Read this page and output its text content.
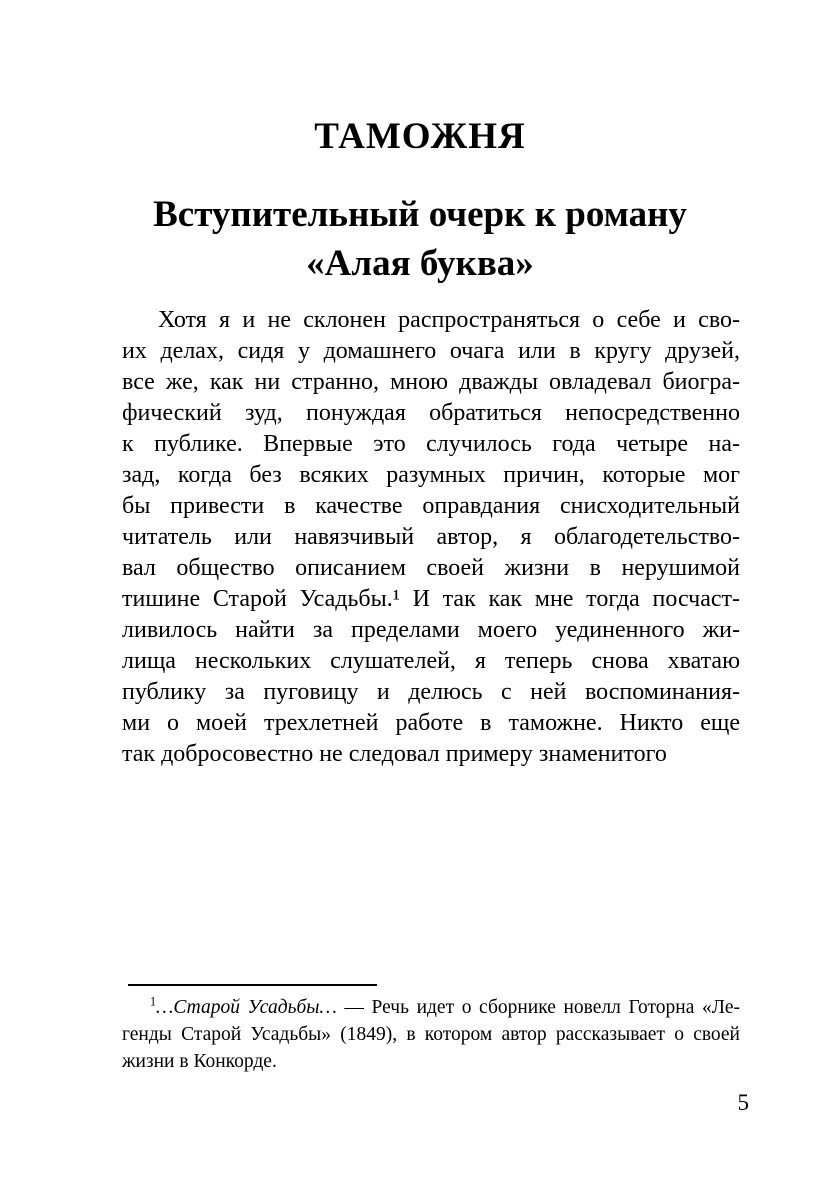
ТАМОЖНЯ
Вступительный очерк к роману
«Алая буква»
Хотя я и не склонен распространяться о себе и сво-
их делах, сидя у домашнего очага или в кругу друзей,
все же, как ни странно, мною дважды овладевал биогра-
фический зуд, понуждая обратиться непосредственно
к публике. Впервые это случилось года четыре на-
зад, когда без всяких разумных причин, которые мог
бы привести в качестве оправдания снисходительный
читатель или навязчивый автор, я облагодетельство-
вал общество описанием своей жизни в нерушимой
тишине Старой Усадьбы.¹ И так как мне тогда посчаст-
ливилось найти за пределами моего уединенного жи-
лища нескольких слушателей, я теперь снова хватаю
публику за пуговицу и делюсь с ней воспоминания-
ми о моей трехлетней работе в таможне. Никто еще
так добросовестно не следовал примеру знаменитого
$^1$…Старой Усадьбы… — Речь идет о сборнике новелл Готорна «Ле-
генды Старой Усадьбы» (1849), в котором автор рассказывает о своей
жизни в Конкорде.
5
